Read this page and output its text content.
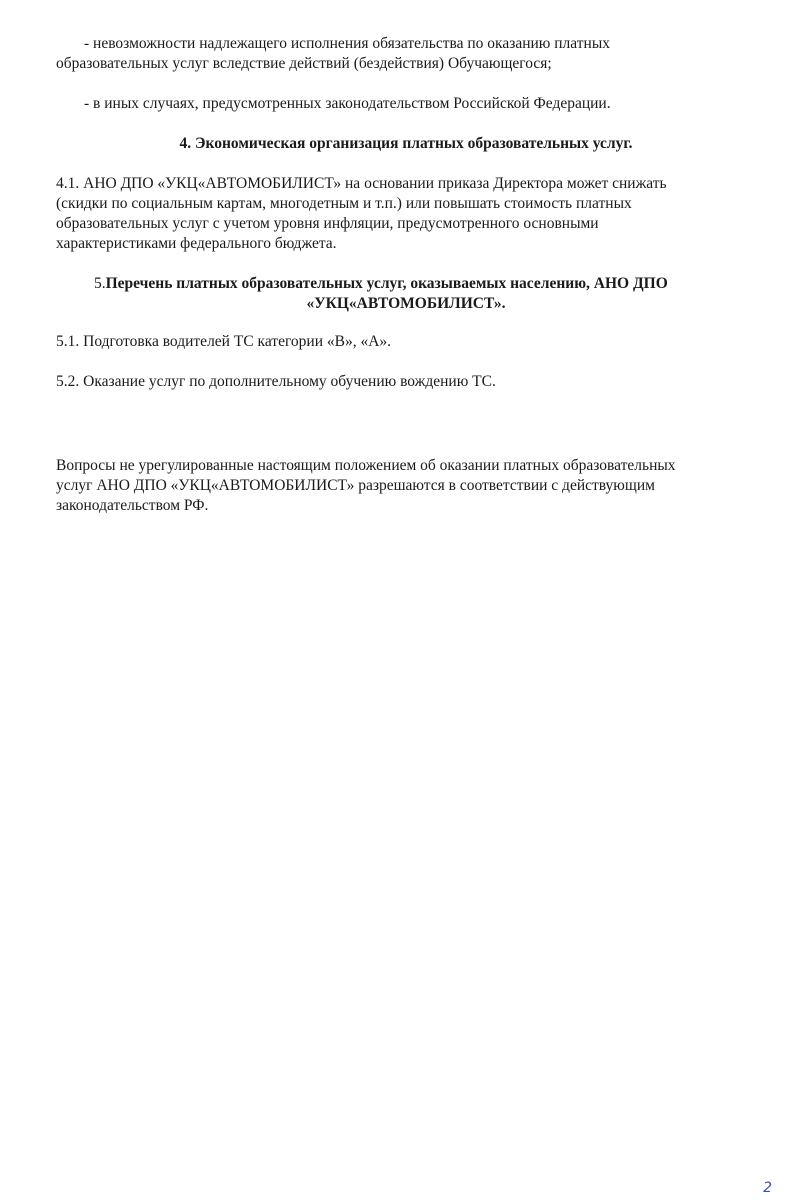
- невозможности надлежащего исполнения обязательства по оказанию платных
образовательных услуг вследствие действий (бездействия) Обучающегося;
- в иных случаях, предусмотренных законодательством Российской Федерации.
4. Экономическая организация платных образовательных услуг.
4.1. АНО ДПО «УКЦ«АВТОМОБИЛИСТ» на основании приказа Директора может снижать
(скидки по социальным картам, многодетным и т.п.) или повышать стоимость платных
образовательных услуг с учетом уровня инфляции, предусмотренного основными
характеристиками федерального бюджета.
5.Перечень платных образовательных услуг, оказываемых населению, АНО ДПО
«УКЦ«АВТОМОБИЛИСТ».
5.1. Подготовка водителей ТС категории «В», «А».
5.2. Оказание услуг по дополнительному обучению вождению ТС.
Вопросы не урегулированные настоящим положением об оказании платных образовательных
услуг АНО ДПО «УКЦ«АВТОМОБИЛИСТ» разрешаются в соответствии с действующим
законодательством РФ.
2
